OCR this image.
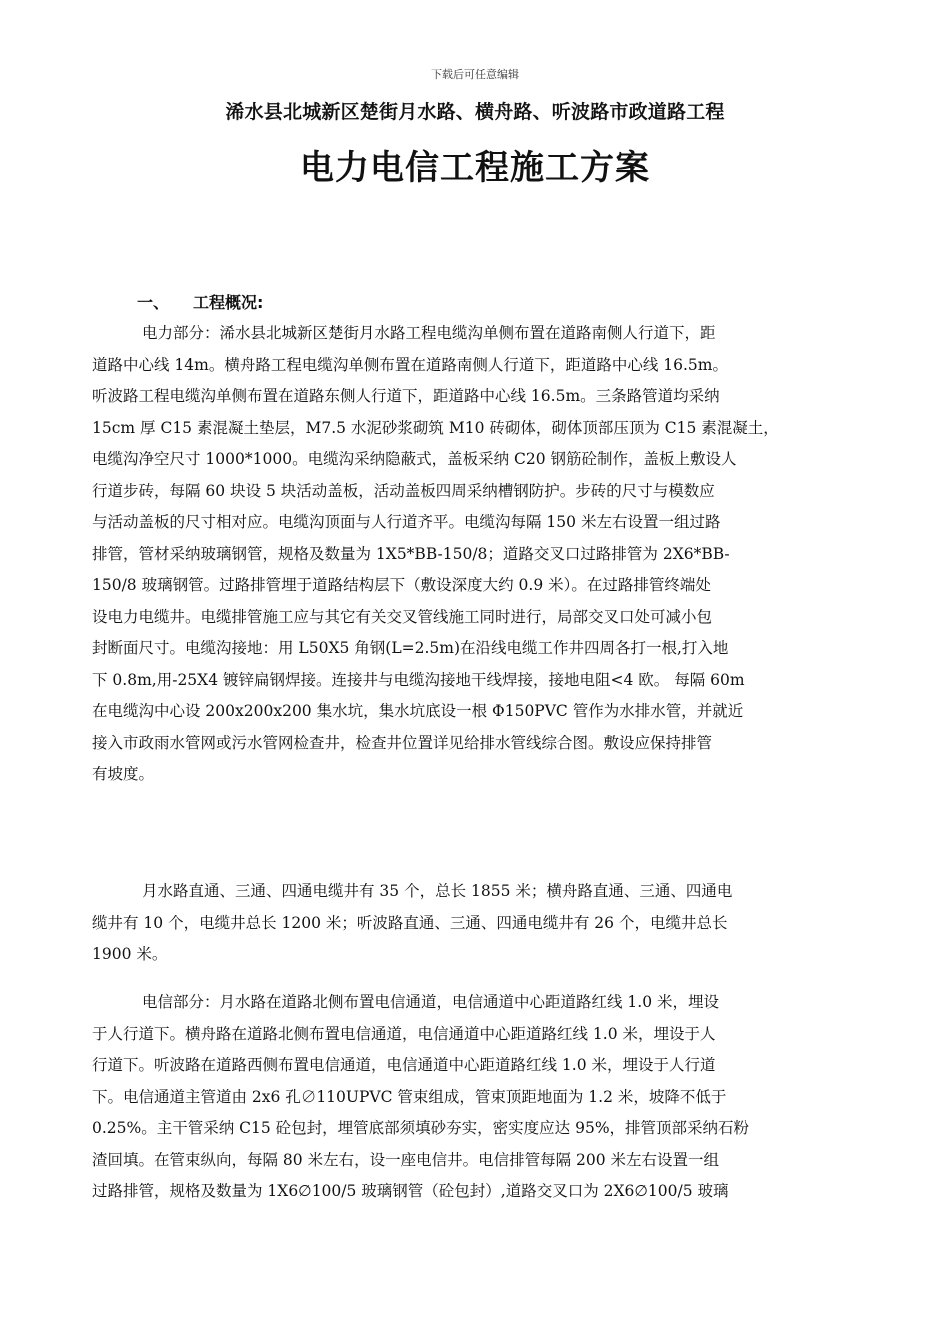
下载后可任意编辑
浠水县北城新区楚街月水路、横舟路、听波路市政道路工程
电力电信工程施工方案
一、 工程概况:
电力部分：浠水县北城新区楚街月水路工程电缆沟单侧布置在道路南侧人行道下，距
道路中心线 14m。横舟路工程电缆沟单侧布置在道路南侧人行道下，距道路中心线 16.5m。
听波路工程电缆沟单侧布置在道路东侧人行道下，距道路中心线 16.5m。三条路管道均采纳
15cm 厚 C15 素混凝土垫层，M7.5 水泥砂浆砌筑 M10 砖砌体，砌体顶部压顶为 C15 素混凝土，
电缆沟净空尺寸 1000*1000。电缆沟采纳隐蔽式，盖板采纳 C20 钢筋砼制作，盖板上敷设人
行道步砖，每隔 60 块设 5 块活动盖板，活动盖板四周采纳槽钢防护。步砖的尺寸与模数应
与活动盖板的尺寸相对应。电缆沟顶面与人行道齐平。电缆沟每隔 150 米左右设置一组过路
排管，管材采纳玻璃钢管，规格及数量为 1X5*BB-150/8；道路交叉口过路排管为 2X6*BB-
150/8 玻璃钢管。过路排管埋于道路结构层下（敷设深度大约 0.9 米）。在过路排管终端处
设电力电缆井。电缆排管施工应与其它有关交叉管线施工同时进行，局部交叉口处可减小包
封断面尺寸。电缆沟接地：用 L50X5 角钢(L=2.5m)在沿线电缆工作井四周各打一根,打入地
下 0.8m,用-25X4 镀锌扁钢焊接。连接井与电缆沟接地干线焊接，接地电阻<4 欧。 每隔 60m
在电缆沟中心设 200x200x200 集水坑，集水坑底设一根 Φ150PVC 管作为水排水管，并就近
接入市政雨水管网或污水管网检查井，检查井位置详见给排水管线综合图。敷设应保持排管
有坡度。
月水路直通、三通、四通电缆井有 35 个，总长 1855 米；横舟路直通、三通、四通电
缆井有 10 个，电缆井总长 1200 米；听波路直通、三通、四通电缆井有 26 个，电缆井总长
1900 米。
电信部分：月水路在道路北侧布置电信通道，电信通道中心距道路红线 1.0 米，埋设
于人行道下。横舟路在道路北侧布置电信通道，电信通道中心距道路红线 1.0 米，埋设于人
行道下。听波路在道路西侧布置电信通道，电信通道中心距道路红线 1.0 米，埋设于人行道
下。电信通道主管道由 2x6 孔∅110UPVC 管束组成，管束顶距地面为 1.2 米，坡降不低于
0.25%。主干管采纳 C15 砼包封，埋管底部须填砂夯实，密实度应达 95%，排管顶部采纳石粉
渣回填。在管束纵向，每隔 80 米左右，设一座电信井。电信排管每隔 200 米左右设置一组
过路排管，规格及数量为 1X6∅100/5 玻璃钢管（砼包封）,道路交叉口为 2X6∅100/5 玻璃
